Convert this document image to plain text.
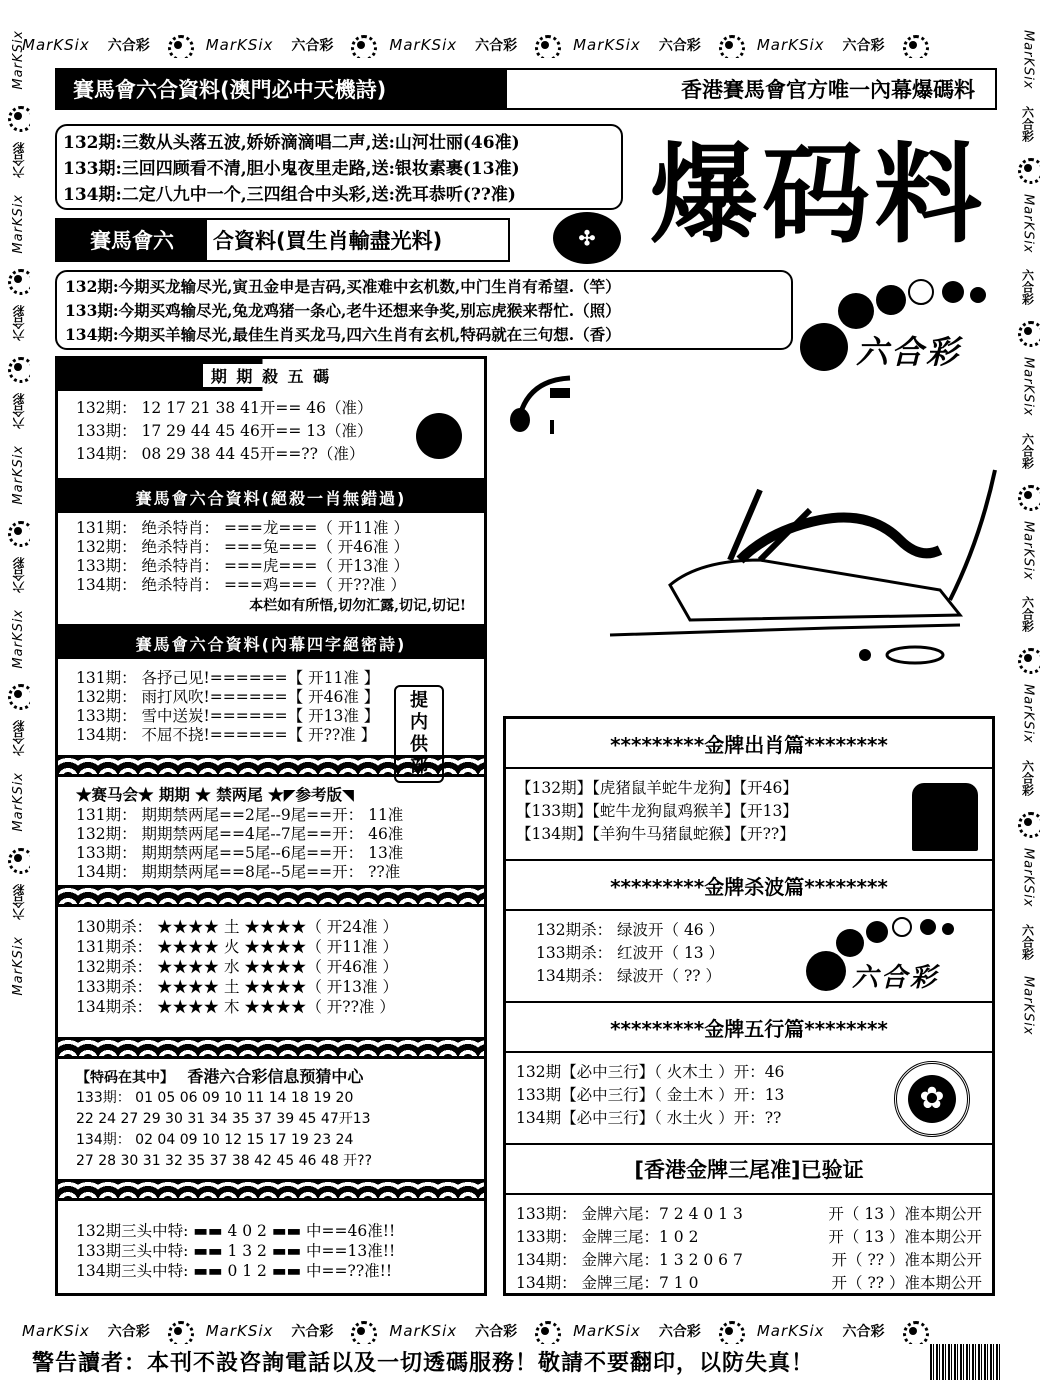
MarKSix 六合彩	MarKSix 六合彩	MarKSix 六合彩	MarKSix 六合彩	MarKSix 六合彩
MarKSix
六合彩
MarKSix
六合彩
六合彩
MarKSix
六合彩
MarKSix
六合彩
MarKSix
六合彩
MarKSix
MarKSix
六合彩
MarKSix
六合彩
MarKSix
六合彩
MarKSix
六合彩
MarKSix
六合彩
MarKSix
六合彩
MarKSix
賽馬會六合資料(澳門必中天機詩)	香港賽馬會官方唯一內幕爆碼料
132期:三数从头落五波,娇娇滴滴唱二声,送:山河壮丽(46准)
133期:三回四顾看不清,胆小鬼夜里走路,送:银妆素裹(13准)
134期:二定八九中一个,三四组合中头彩,送:洗耳恭听(??准)
賽馬會六	合資料(買生肖輸盡光料)	✣
132期:今期买龙输尽光,寅丑金申是吉码,买准难中玄机数,中门生肖有希望.（竿）
133期:今期买鸡输尽光,兔龙鸡猪一条心,老牛还想来争奖,别忘虎猴来帮忙.（照）
134期:今期买羊输尽光,最佳生肖买龙马,四六生肖有玄机,特码就在三句想.（香）
爆码料
六合彩
期 期 殺 五 碼
132期： 12 17 21 38 41开== 46（准）
133期： 17 29 44 45 46开== 13（准）
134期： 08 29 38 44 45开==??（准）
賽馬會六合資料(絕殺一肖無錯過)
131期： 绝杀特肖： ===龙===（ 开11准 ）
132期： 绝杀特肖： ===兔===（ 开46准 ）
133期： 绝杀特肖： ===虎===（ 开13准 ）
134期： 绝杀特肖： ===鸡===（ 开??准 ）
本栏如有所悟,切勿汇露,切记,切记!
賽馬會六合資料(內幕四字絕密詩)
131期： 各抒己见!======【 开11准 】
132期： 雨打风吹!======【 开46准 】
133期： 雪中送炭!======【 开13准 】
134期： 不屈不挠!======【 开??准 】
提内供部
★赛马会★ 期期 ★ 禁两尾 ★◤参考版◥
131期： 期期禁两尾==2尾--9尾==开： 11准
132期： 期期禁两尾==4尾--7尾==开： 46准
133期： 期期禁两尾==5尾--6尾==开： 13准
134期： 期期禁两尾==8尾--5尾==开： ??准
130期杀： ★★★★ 土 ★★★★（ 开24准 ）
131期杀： ★★★★ 火 ★★★★（ 开11准 ）
132期杀： ★★★★ 水 ★★★★（ 开46准 ）
133期杀： ★★★★ 土 ★★★★（ 开13准 ）
134期杀： ★★★★ 木 ★★★★（ 开??准 ）
【特码在其中】 香港六合彩信息预猜中心
133期： 01 05 06 09 10 11 14 18 19 20
22 24 27 29 30 31 34 35 37 39 45 47开13
134期： 02 04 09 10 12 15 17 19 23 24
27 28 30 31 32 35 37 38 42 45 46 48 开??
132期三头中特: ▬▬ 4 0 2 ▬▬ 中==46准!!
133期三头中特: ▬▬ 1 3 2 ▬▬ 中==13准!!
134期三头中特: ▬▬ 0 1 2 ▬▬ 中==??准!!
*********金牌出肖篇********
【132期】【虎猪鼠羊蛇牛龙狗】【开46】
【133期】【蛇牛龙狗鼠鸡猴羊】【开13】
【134期】【羊狗牛马猪鼠蛇猴】【开??】
*********金牌杀波篇********
132期杀： 绿波开（ 46 ）
133期杀： 红波开（ 13 ）
134期杀： 绿波开（ ?? ）	六合彩
*********金牌五行篇********
132期【必中三行】（ 火木土 ）开：46
133期【必中三行】（ 金土木 ）开：13
134期【必中三行】（ 水土火 ）开：??
✿
[香港金牌三尾准]已验证
133期： 金牌六尾：7 2 4 0 1 3	开（ 13 ）准本期公开
133期： 金牌三尾：1 0 2	开（ 13 ）准本期公开
134期： 金牌六尾：1 3 2 0 6 7	开（ ?? ）准本期公开
134期： 金牌三尾：7 1 0	开（ ?? ）准本期公开
MarKSix 六合彩	MarKSix 六合彩	MarKSix 六合彩	MarKSix 六合彩	MarKSix 六合彩
警告讀者：本刊不設咨詢電話以及一切透碼服務！敬請不要翻印，以防失真！
